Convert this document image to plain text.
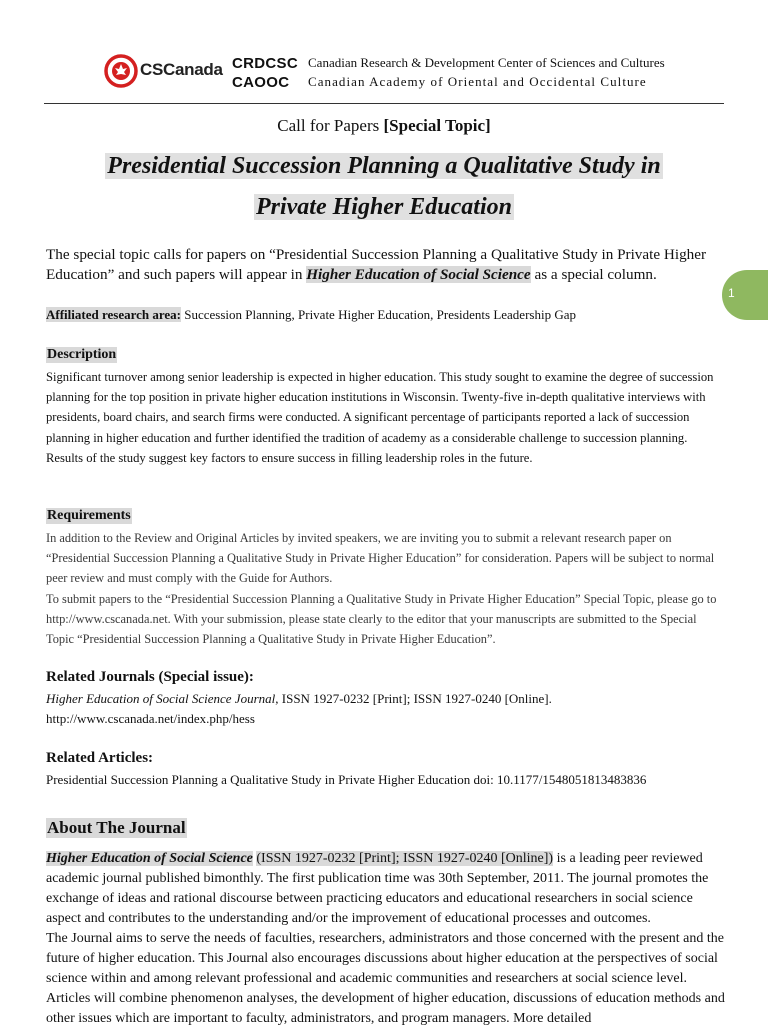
CSCanada CRDCSC Canadian Research & Development Center of Sciences and Cultures
CAOOC Canadian Academy of Oriental and Occidental Culture
Call for Papers [Special Topic]
Presidential Succession Planning a Qualitative Study in
Private Higher Education

The special topic calls for papers on “Presidential Succession Planning a Qualitative Study in Private Higher Education” and such papers will appear in Higher Education of Social Science as a special column.

1

Affiliated research area: Succession Planning, Private Higher Education, Presidents Leadership Gap

Description

Significant turnover among senior leadership is expected in higher education. This study sought to examine the degree of succession planning for the top position in private higher education institutions in Wisconsin. Twenty-five in-depth qualitative interviews with presidents, board chairs, and search firms were conducted. A significant percentage of participants reported a lack of succession planning in higher education and further identified the tradition of academy as a considerable challenge to succession planning. Results of the study suggest key factors to ensure success in filling leadership roles in the future.

Requirements
In addition to the Review and Original Articles by invited speakers, we are inviting you to submit a relevant research paper on “Presidential Succession Planning a Qualitative Study in Private Higher Education” for consideration. Papers will be subject to normal peer review and must comply with the Guide for Authors.
To submit papers to the “Presidential Succession Planning a Qualitative Study in Private Higher Education” Special Topic, please go to http://www.cscanada.net. With your submission, please state clearly to the editor that your manuscripts are submitted to the Special Topic “Presidential Succession Planning a Qualitative Study in Private Higher Education”.
Related Journals (Special issue):
Higher Education of Social Science Journal, ISSN 1927-0232 [Print]; ISSN 1927-0240 [Online].
http://www.cscanada.net/index.php/hess
Related Articles:

Presidential Succession Planning a Qualitative Study in Private Higher Education doi: 10.1177/1548051813483836

About The Journal
Higher Education of Social Science (ISSN 1927-0232 [Print]; ISSN 1927-0240 [Online]) is a leading peer reviewed academic journal published bimonthly. The first publication time was 30th September, 2011. The journal promotes the exchange of ideas and rational discourse between practicing educators and educational researchers in social science aspect and contributes to the understanding and/or the improvement of educational processes and outcomes.
The Journal aims to serve the needs of faculties, researchers, administrators and those concerned with the present and the future of higher education. This Journal also encourages discussions about higher education at the perspectives of social science within and among relevant professional and academic communities and researchers at social science level. Articles will combine phenomenon analyses, the development of higher education, discussions of education methods and other issues which are important to faculty, administrators, and program managers. More detailed
